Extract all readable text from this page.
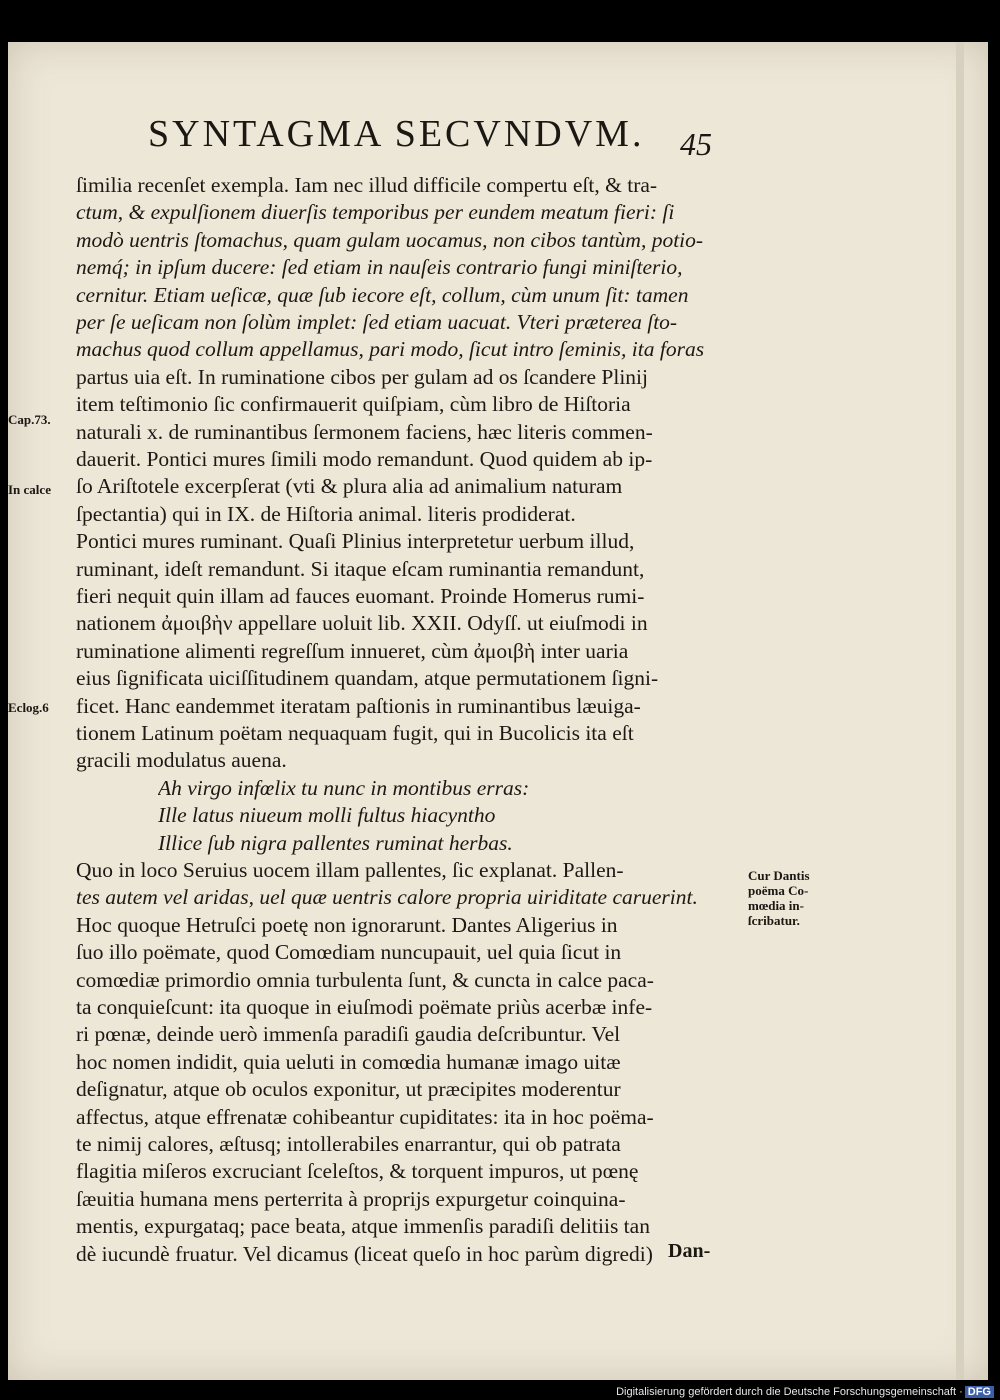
SYNTAGMA SECVNDVM. 45
ſimilia recenſet exempla. Iam nec illud difficile compertu eſt, & tra-
ctum, & expulſionem diuerſis temporibus per eundem meatum fieri: ſi
modò uentris ſtomachus, quam gulam uocamus, non cibos tantùm, potio-
nemq́; in ipſum ducere: ſed etiam in nauſeis contrario fungi miniſterio,
cernitur. Etiam ueſicæ, quæ ſub iecore eſt, collum, cùm unum ſit: tamen
per ſe ueſicam non ſolùm implet: ſed etiam uacuat. Vteri præterea ſto-
machus quod collum appellamus, pari modo, ſicut intro ſeminis, ita foras
partus uia eſt. In ruminatione cibos per gulam ad os ſcandere Plinij
item teſtimonio ſic confirmauerit quiſpiam, cùm libro de Hiſtoria
naturali x. de ruminantibus ſermonem faciens, hæc literis commen-
dauerit. Pontici mures ſimili modo remandunt. Quod quidem ab ip-
ſo Ariſtotele excerpſerat (vti & plura alia ad animalium naturam
ſpectantia) qui in IX. de Hiſtoria animal. literis prodiderat.
Pontici mures ruminant. Quaſi Plinius interpretetur uerbum illud,
ruminant, ideſt remandunt. Si itaque eſcam ruminantia remandunt,
fieri nequit quin illam ad fauces euomant. Proinde Homerus rumi-
nationem ἀμοιβὴν appellare uoluit lib. XXII. Odyſſ. ut eiuſmodi in
ruminatione alimenti regreſſum innueret, cùm ἀμοιβὴ inter uaria
eius ſignificata uiciſſitudinem quandam, atque permutationem ſigni-
ficet. Hanc eandemmet iteratam paſtionis in ruminantibus læuiga-
tionem Latinum poëtam nequaquam fugit, qui in Bucolicis ita eſt
gracili modulatus auena.
Ah virgo infœlix tu nunc in montibus erras:
Ille latus niueum molli fultus hiacyntho
Illice ſub nigra pallentes ruminat herbas.
Quo in loco Seruius uocem illam pallentes, ſic explanat. Pallen-
tes autem vel aridas, uel quæ uentris calore propria uiriditate caruerint.
Hoc quoque Hetruſci poetę non ignorarunt. Dantes Aligerius in
ſuo illo poëmate, quod Comœdiam nuncupauit, uel quia ſicut in
comœdiæ primordio omnia turbulenta ſunt, & cuncta in calce paca-
ta conquieſcunt: ita quoque in eiuſmodi poëmate priùs acerbæ infe-
ri pœnæ, deinde uerò immenſa paradiſi gaudia deſcribuntur. Vel
hoc nomen indidit, quia ueluti in comœdia humanæ imago uitæ
deſignatur, atque ob oculos exponitur, ut præcipites moderentur
affectus, atque effrenatæ cohibeantur cupiditates: ita in hoc poëma-
te nimij calores, æſtusq; intollerabiles enarrantur, qui ob patrata
flagitia miſeros excruciant ſceleſtos, & torquent impuros, ut pœnę
ſæuitia humana mens perterrita à proprijs expurgetur coinquina-
mentis, expurgataq; pace beata, atque immenſis paradiſi delitiis tan
dè iucundè fruatur. Vel dicamus (liceat queſo in hoc parùm digredi)
Cap.73.
In calce
Eclog.6
Cur Dantis
poëma Co-
mœdia in-
ſcribatur.
Dan-
Digitalisierung gefördert durch die Deutsche Forschungsgemeinschaft · DFG
